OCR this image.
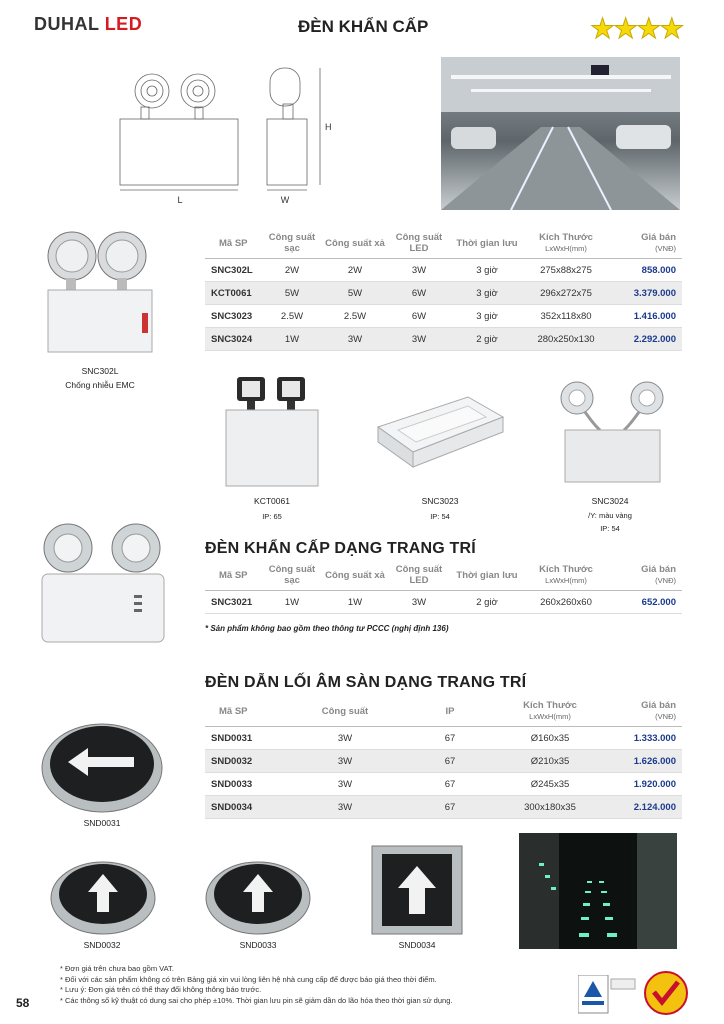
DUHAL LED	ĐÈN KHẨN CẤP	★★★★
L	W
H
SNC302L
Chống nhiễu EMC
Mã SP	Công suất sạc	Công suất xả	Công suất LED	Thời gian lưu	Kích Thước
LxWxH(mm)	Giá bán
(VNĐ)

SNC302L	2W	2W	3W	3 giờ	275x88x275	858.000
KCT0061	5W	5W	6W	3 giờ	296x272x75	3.379.000
SNC3023	2.5W	2.5W	6W	3 giờ	352x118x80	1.416.000
SNC3024	1W	3W	3W	2 giờ	280x250x130	2.292.000
KCT0061
IP: 65
SNC3023
IP: 54
SNC3024
/Y: màu vàng
IP: 54
ĐÈN KHẨN CẤP DẠNG TRANG TRÍ
Mã SP	Công suất sạc	Công suất xả	Công suất LED	Thời gian lưu	Kích Thước
LxWxH(mm)	Giá bán
(VNĐ)

SNC3021	1W	1W	3W	2 giờ	260x260x60	652.000
* Sản phẩm không bao gồm theo thông tư PCCC (nghị định 136)
ĐÈN DẪN LỐI ÂM SÀN DẠNG TRANG TRÍ
Mã SP	Công suất	IP	Kích Thước
LxWxH(mm)	Giá bán
(VNĐ)

SND0031	3W	67	Ø160x35	1.333.000
SND0032	3W	67	Ø210x35	1.626.000
SND0033	3W	67	Ø245x35	1.920.000
SND0034	3W	67	300x180x35	2.124.000
SND0031
SND0032	SND0033	SND0034
* Đơn giá trên chưa bao gồm VAT.
* Đối với các sản phẩm không có trên Bảng giá xin vui lòng liên hệ nhà cung cấp để được báo giá theo thời điểm.
* Lưu ý: Đơn giá trên có thể thay đổi không thông báo trước.
* Các thông số kỹ thuật có dung sai cho phép ±10%. Thời gian lưu pin sẽ giảm dần do lão hóa theo thời gian sử dụng.
58
